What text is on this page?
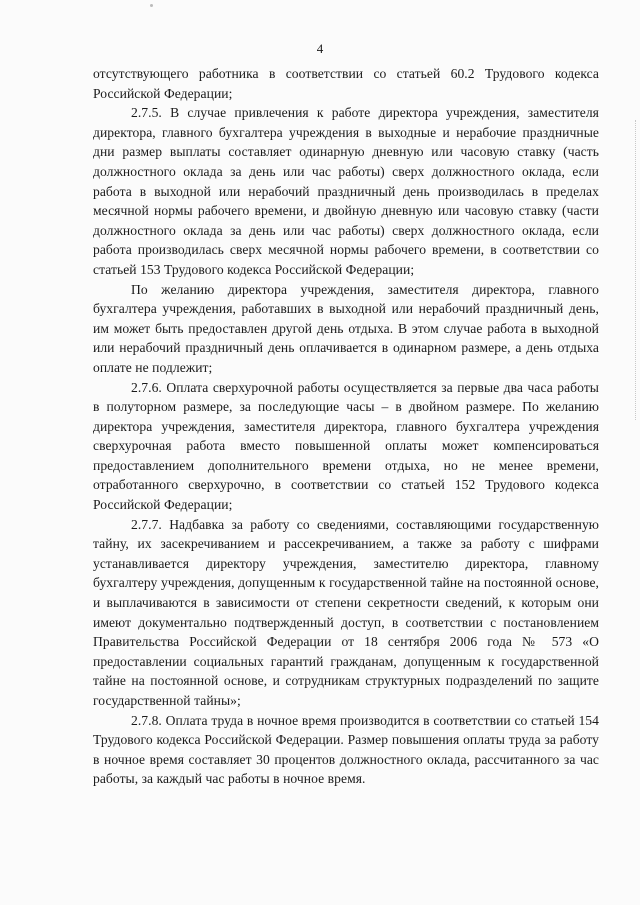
4

отсутствующего работника в соответствии со статьей 60.2 Трудового кодекса Российской Федерации;

2.7.5. В случае привлечения к работе директора учреждения, заместителя директора, главного бухгалтера учреждения в выходные и нерабочие праздничные дни размер выплаты составляет одинарную дневную или часовую ставку (часть должностного оклада за день или час работы) сверх должностного оклада, если работа в выходной или нерабочий праздничный день производилась в пределах месячной нормы рабочего времени, и двойную дневную или часовую ставку (части должностного оклада за день или час работы) сверх должностного оклада, если работа производилась сверх месячной нормы рабочего времени, в соответствии со статьей 153 Трудового кодекса Российской Федерации;

По желанию директора учреждения, заместителя директора, главного бухгалтера учреждения, работавших в выходной или нерабочий праздничный день, им может быть предоставлен другой день отдыха. В этом случае работа в выходной или нерабочий праздничный день оплачивается в одинарном размере, а день отдыха оплате не подлежит;

2.7.6. Оплата сверхурочной работы осуществляется за первые два часа работы в полуторном размере, за последующие часы – в двойном размере. По желанию директора учреждения, заместителя директора, главного бухгалтера учреждения сверхурочная работа вместо повышенной оплаты может компенсироваться предоставлением дополнительного времени отдыха, но не менее времени, отработанного сверхурочно, в соответствии со статьей 152 Трудового кодекса Российской Федерации;

2.7.7. Надбавка за работу со сведениями, составляющими государственную тайну, их засекречиванием и рассекречиванием, а также за работу с шифрами устанавливается директору учреждения, заместителю директора, главному бухгалтеру учреждения, допущенным к государственной тайне на постоянной основе, и выплачиваются в зависимости от степени секретности сведений, к которым они имеют документально подтвержденный доступ, в соответствии с постановлением Правительства Российской Федерации от 18 сентября 2006 года № 573 «О предоставлении социальных гарантий гражданам, допущенным к государственной тайне на постоянной основе, и сотрудникам структурных подразделений по защите государственной тайны»;

2.7.8. Оплата труда в ночное время производится в соответствии со статьей 154 Трудового кодекса Российской Федерации. Размер повышения оплаты труда за работу в ночное время составляет 30 процентов должностного оклада, рассчитанного за час работы, за каждый час работы в ночное время.
